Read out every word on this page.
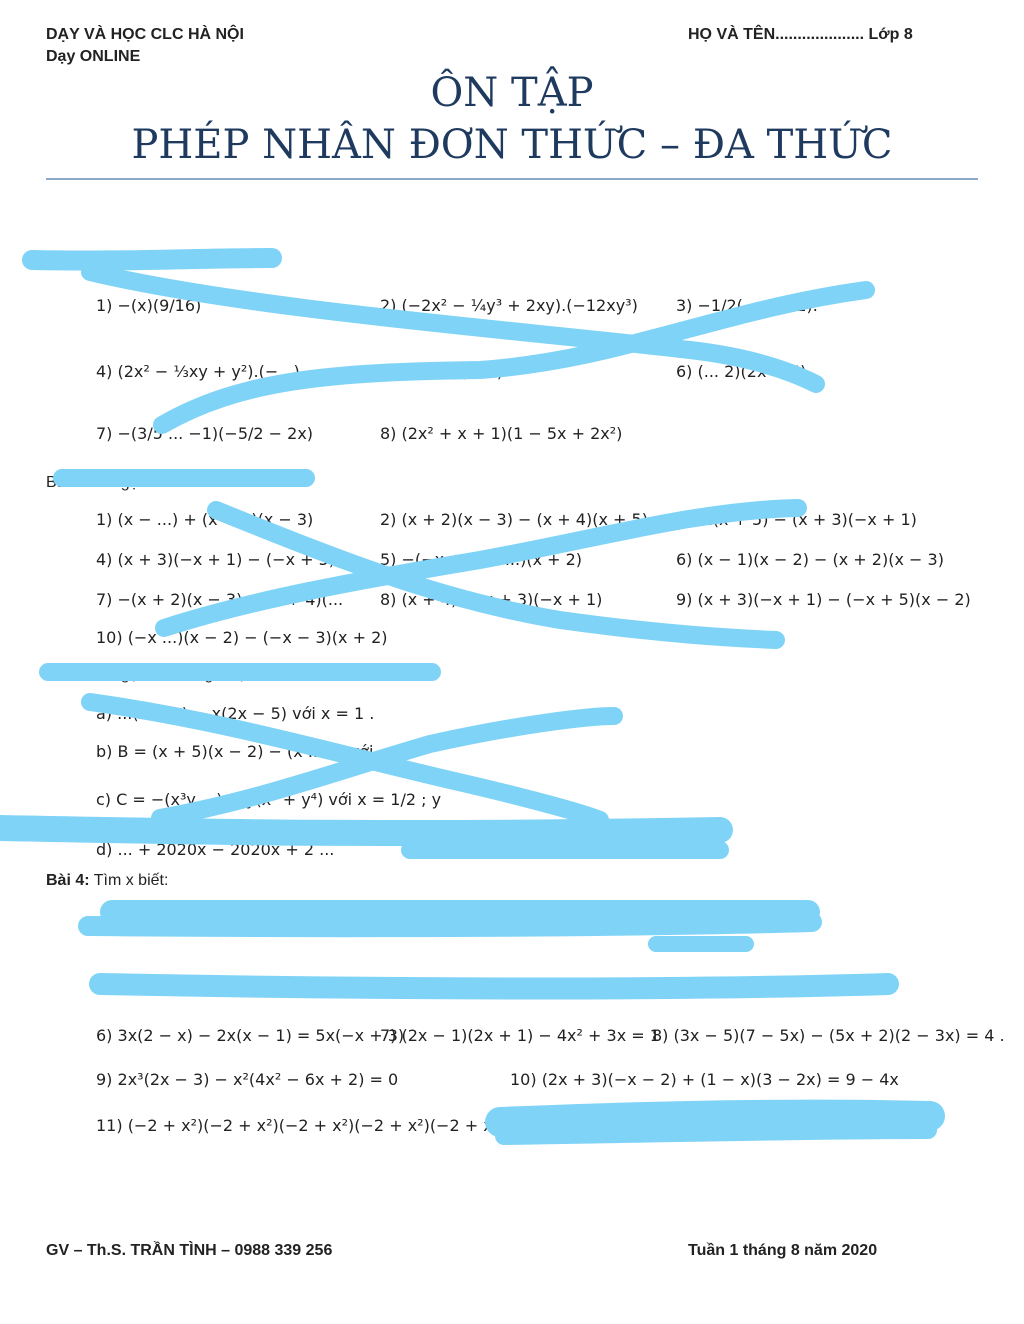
DẠY VÀ HỌC CLC HÀ NỘI
Dạy ONLINE
HỌ VÀ TÊN.................... Lớp 8
ÔN TẬP
PHÉP NHÂN ĐƠN THỨC – ĐA THỨC
1) −(x)(9/16)	2) (−2x² − ¼y³ + 2xy).(−12xy³) 3) −1/2(... x + 1).
4) (2x² − ⅓xy + y²).(−...)	5) (1/2 ...)(... 3)	6) (... 2)(2x − 5)
7) −(3/5 ... −1)(−5/2 − 2x)	8) (2x² + x + 1)(1 − 5x + 2x²)
Bài 2: Rút gọn các biểu thức sau:
1) (x − ...) + (x + 2)(x − 3)	2) (x + 2)(x − 3) − (x + 4)(x + 5) 3) ...(x + 5) − (x + 3)(−x + 1)
4) (x + 3)(−x + 1) − (−x + 5)(... 5) −(−x + 5)(x ...)(x + 2)	6) (x − 1)(x − 2) − (x + 2)(x − 3)
7) −(x + 2)(x − 3) − (x + 4)(... 8) (x + 4)(... x + 3)(−x + 1)	9) (x + 3)(−x + 1) − (−x + 5)(x − 2)
10) (−x ...)(x − 2) − (−x − 3)(x + 2)
Bài 3: Rút gọn và tính giá trị các biểu thức sau:
a) ...(x − 3) − x(2x − 5) với x = 1 .
b) B = (x + 5)(x − 2) − (x ... 7) với ...
c) C = −(x³y ...) + y(x⁴ + y⁴) với x = 1/2 ; y
d) ... + 2020x − 2020x + 2 ...
Bài 4: Tìm x biết:
6) 3x(2 − x) − 2x(x − 1) = 5x(−x + 3)
7) (2x − 1)(2x + 1) − 4x² + 3x = 1
8) (3x − 5)(7 − 5x) − (5x + 2)(2 − 3x) = 4 .
9) 2x³(2x − 3) − x²(4x² − 6x + 2) = 0	10) (2x + 3)(−x − 2) + (1 − x)(3 − 2x) = 9 − 4x
11) (−2 + x²)(−2 + x²)(−2 + x²)(−2 + x²)(−2 + x²) = 1
GV – Th.S. TRẦN TÌNH – 0988 339 256	Tuần 1 tháng 8 năm 2020
